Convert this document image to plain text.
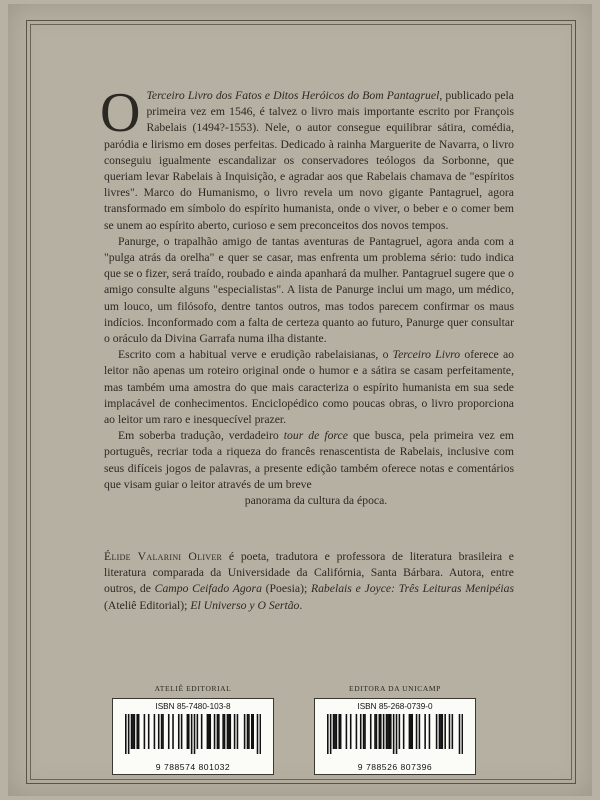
O Terceiro Livro dos Fatos e Ditos Heróicos do Bom Pantagruel, publicado pela primeira vez em 1546, é talvez o livro mais importante escrito por François Rabelais (1494?-1553). Nele, o autor consegue equilibrar sátira, comédia, paródia e lirismo em doses perfeitas. Dedicado à rainha Marguerite de Navarra, o livro conseguiu igualmente escandalizar os conservadores teólogos da Sorbonne, que queriam levar Rabelais à Inquisição, e agradar aos que Rabelais chamava de "espíritos livres". Marco do Humanismo, o livro revela um novo gigante Pantagruel, agora transformado em símbolo do espírito humanista, onde o viver, o beber e o comer bem se unem ao espírito aberto, curioso e sem preconceitos dos novos tempos.

Panurge, o trapalhão amigo de tantas aventuras de Pantagruel, agora anda com a "pulga atrás da orelha" e quer se casar, mas enfrenta um problema sério: tudo indica que se o fizer, será traído, roubado e ainda apanhará da mulher. Pantagruel sugere que o amigo consulte alguns "especialistas". A lista de Panurge inclui um mago, um médico, um louco, um filósofo, dentre tantos outros, mas todos parecem confirmar os maus indícios. Inconformado com a falta de certeza quanto ao futuro, Panurge quer consultar o oráculo da Divina Garrafa numa ilha distante.

Escrito com a habitual verve e erudição rabelaisianas, o Terceiro Livro oferece ao leitor não apenas um roteiro original onde o humor e a sátira se casam perfeitamente, mas também uma amostra do que mais caracteriza o espírito humanista em sua sede implacável de conhecimentos. Enciclopédico como poucas obras, o livro proporciona ao leitor um raro e inesquecível prazer.

Em soberba tradução, verdadeiro tour de force que busca, pela primeira vez em português, recriar toda a riqueza do francês renascentista de Rabelais, inclusive com seus difíceis jogos de palavras, a presente edição também oferece notas e comentários que visam guiar o leitor através de um breve

panorama da cultura da época.

Élide Valarini Oliver é poeta, tradutora e professora de literatura brasileira e literatura comparada da Universidade da Califórnia, Santa Bárbara. Autora, entre outros, de Campo Ceifado Agora (Poesia); Rabelais e Joyce: Três Leituras Menipéias (Ateliê Editorial); El Universo y O Sertão.
ATELIÊ EDITORIAL
ISBN 85-7480-103-8
9 788574 801032
EDITORA DA UNICAMP
ISBN 85-268-0739-0
9 788526 807396
